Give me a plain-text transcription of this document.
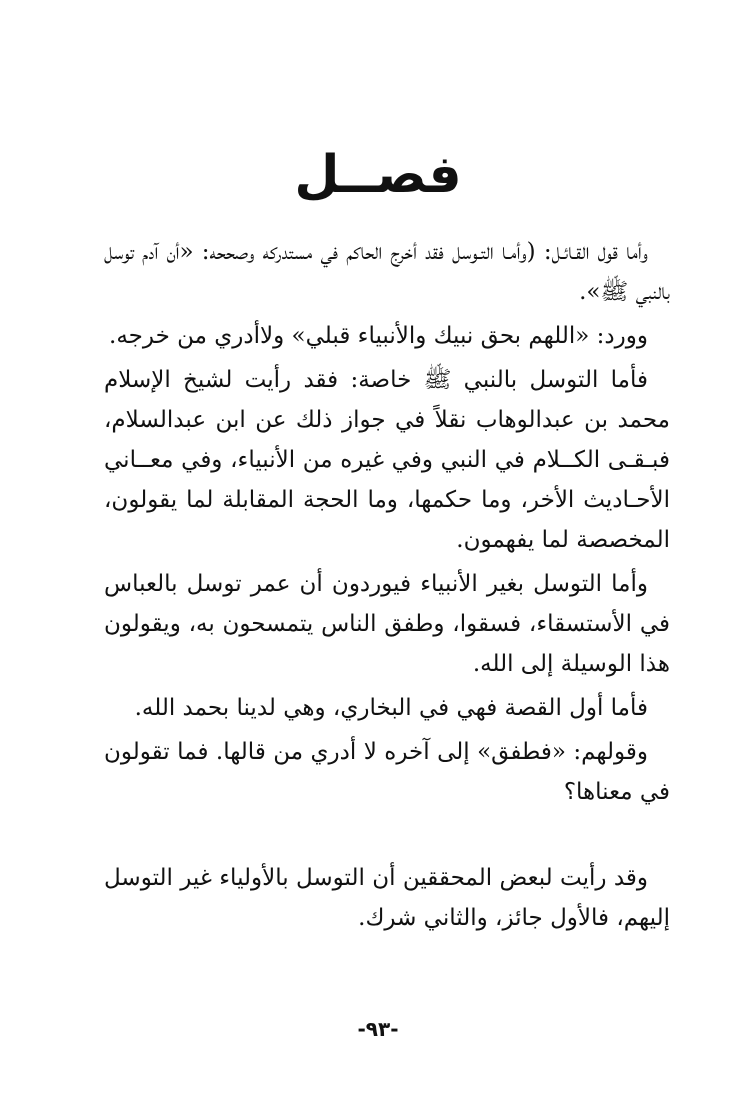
فصــل

وأما قول القـائـل: (وأمـا التـوسل فقد أخرج الحاكم في مستدركه وصححه: «أن آدم توسل بالنبي ﷺ».

وورد: «اللهم بحق نبيك والأنبياء قبلي» ولاأدري من خرجه.

فأما التوسل بالنبي ﷺ خاصة: فقد رأيت لشيخ الإسلام محمد بن عبدالوهاب نقلاً في جواز ذلك عن ابن عبدالسلام، فبـقـى الكــلام في النبي وفي غيره من الأنبياء، وفي معــاني الأحـاديث الأخر، وما حكمها، وما الحجة المقابلة لما يقولون، المخصصة لما يفهمون.

وأما التوسل بغير الأنبياء فيوردون أن عمر توسل بالعباس في الأستسقاء، فسقوا، وطفق الناس يتمسحون به، ويقولون هذا الوسيلة إلى الله.

فأما أول القصة فهي في البخاري، وهي لدينا بحمد الله.

وقولهم: «فطفق» إلى آخره لا أدري من قالها. فما تقولون في معناها؟

وقد رأيت لبعض المحققين أن التوسل بالأولياء غير التوسل إليهم، فالأول جائز، والثاني شرك.

-٩٣-
